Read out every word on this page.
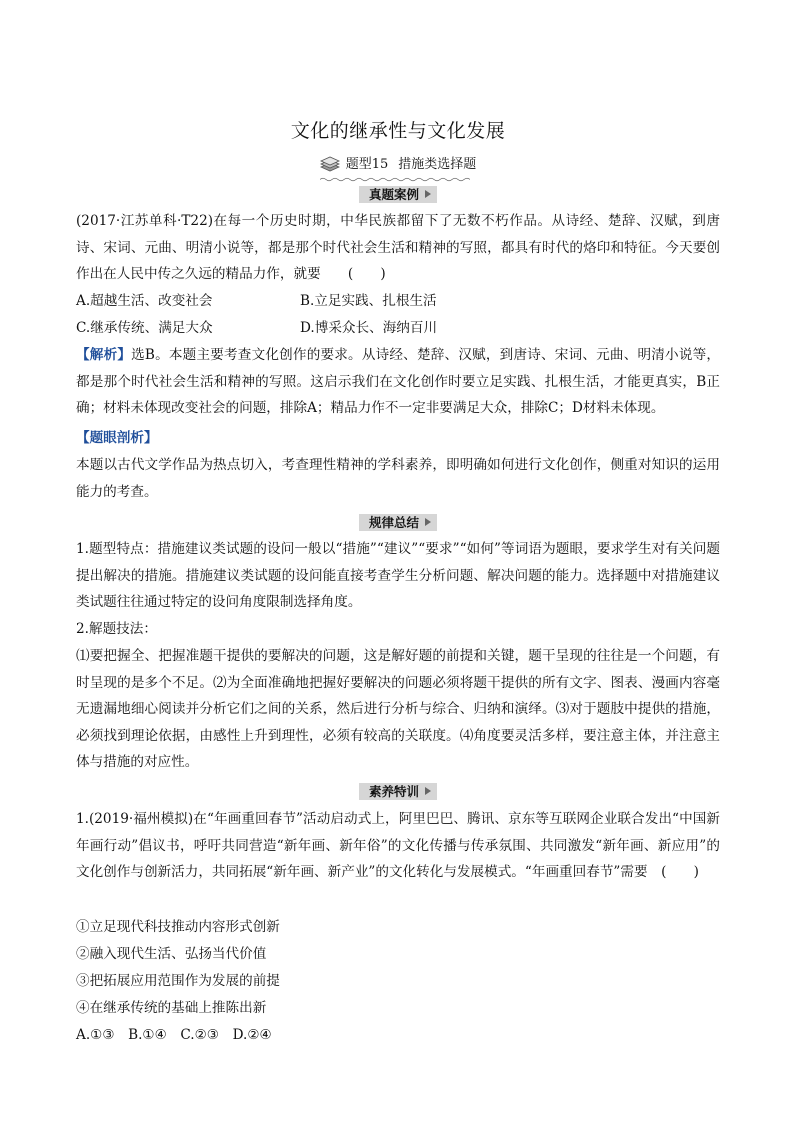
文化的继承性与文化发展
题型15 措施类选择题
真题案例

(2017·江苏单科·T22)在每一个历史时期，中华民族都留下了无数不朽作品。从诗经、楚辞、汉赋，到唐诗、宋词、元曲、明清小说等，都是那个时代社会生活和精神的写照，都具有时代的烙印和特征。今天要创作出在人民中传之久远的精品力作，就要　　(　　)

A.超越生活、改变社会	B.立足实践、扎根生活
C.继承传统、满足大众	D.博采众长、海纳百川

【解析】选B。本题主要考查文化创作的要求。从诗经、楚辞、汉赋，到唐诗、宋词、元曲、明清小说等，都是那个时代社会生活和精神的写照。这启示我们在文化创作时要立足实践、扎根生活，才能更真实，B正确；材料未体现改变社会的问题，排除A；精品力作不一定非要满足大众，排除C；D材料未体现。

【题眼剖析】

本题以古代文学作品为热点切入，考查理性精神的学科素养，即明确如何进行文化创作，侧重对知识的运用能力的考查。

规律总结

1.题型特点：措施建议类试题的设问一般以“措施”“建议”“要求”“如何”等词语为题眼，要求学生对有关问题提出解决的措施。措施建议类试题的设问能直接考查学生分析问题、解决问题的能力。选择题中对措施建议类试题往往通过特定的设问角度限制选择角度。

2.解题技法：

⑴要把握全、把握准题干提供的要解决的问题，这是解好题的前提和关键，题干呈现的往往是一个问题，有时呈现的是多个不足。⑵为全面准确地把握好要解决的问题必须将题干提供的所有文字、图表、漫画内容毫无遗漏地细心阅读并分析它们之间的关系，然后进行分析与综合、归纳和演绎。⑶对于题肢中提供的措施，必须找到理论依据，由感性上升到理性，必须有较高的关联度。⑷角度要灵活多样，要注意主体，并注意主体与措施的对应性。

素养特训

1.(2019·福州模拟)在“年画重回春节”活动启动式上，阿里巴巴、腾讯、京东等互联网企业联合发出“中国新年画行动”倡议书，呼吁共同营造“新年画、新年俗”的文化传播与传承氛围、共同激发“新年画、新应用”的文化创作与创新活力，共同拓展“新年画、新产业”的文化转化与发展模式。“年画重回春节”需要　(　　)

①立足现代科技推动内容形式创新
②融入现代生活、弘扬当代价值
③把拓展应用范围作为发展的前提
④在继承传统的基础上推陈出新
A.①③　B.①④　C.②③　D.②④
